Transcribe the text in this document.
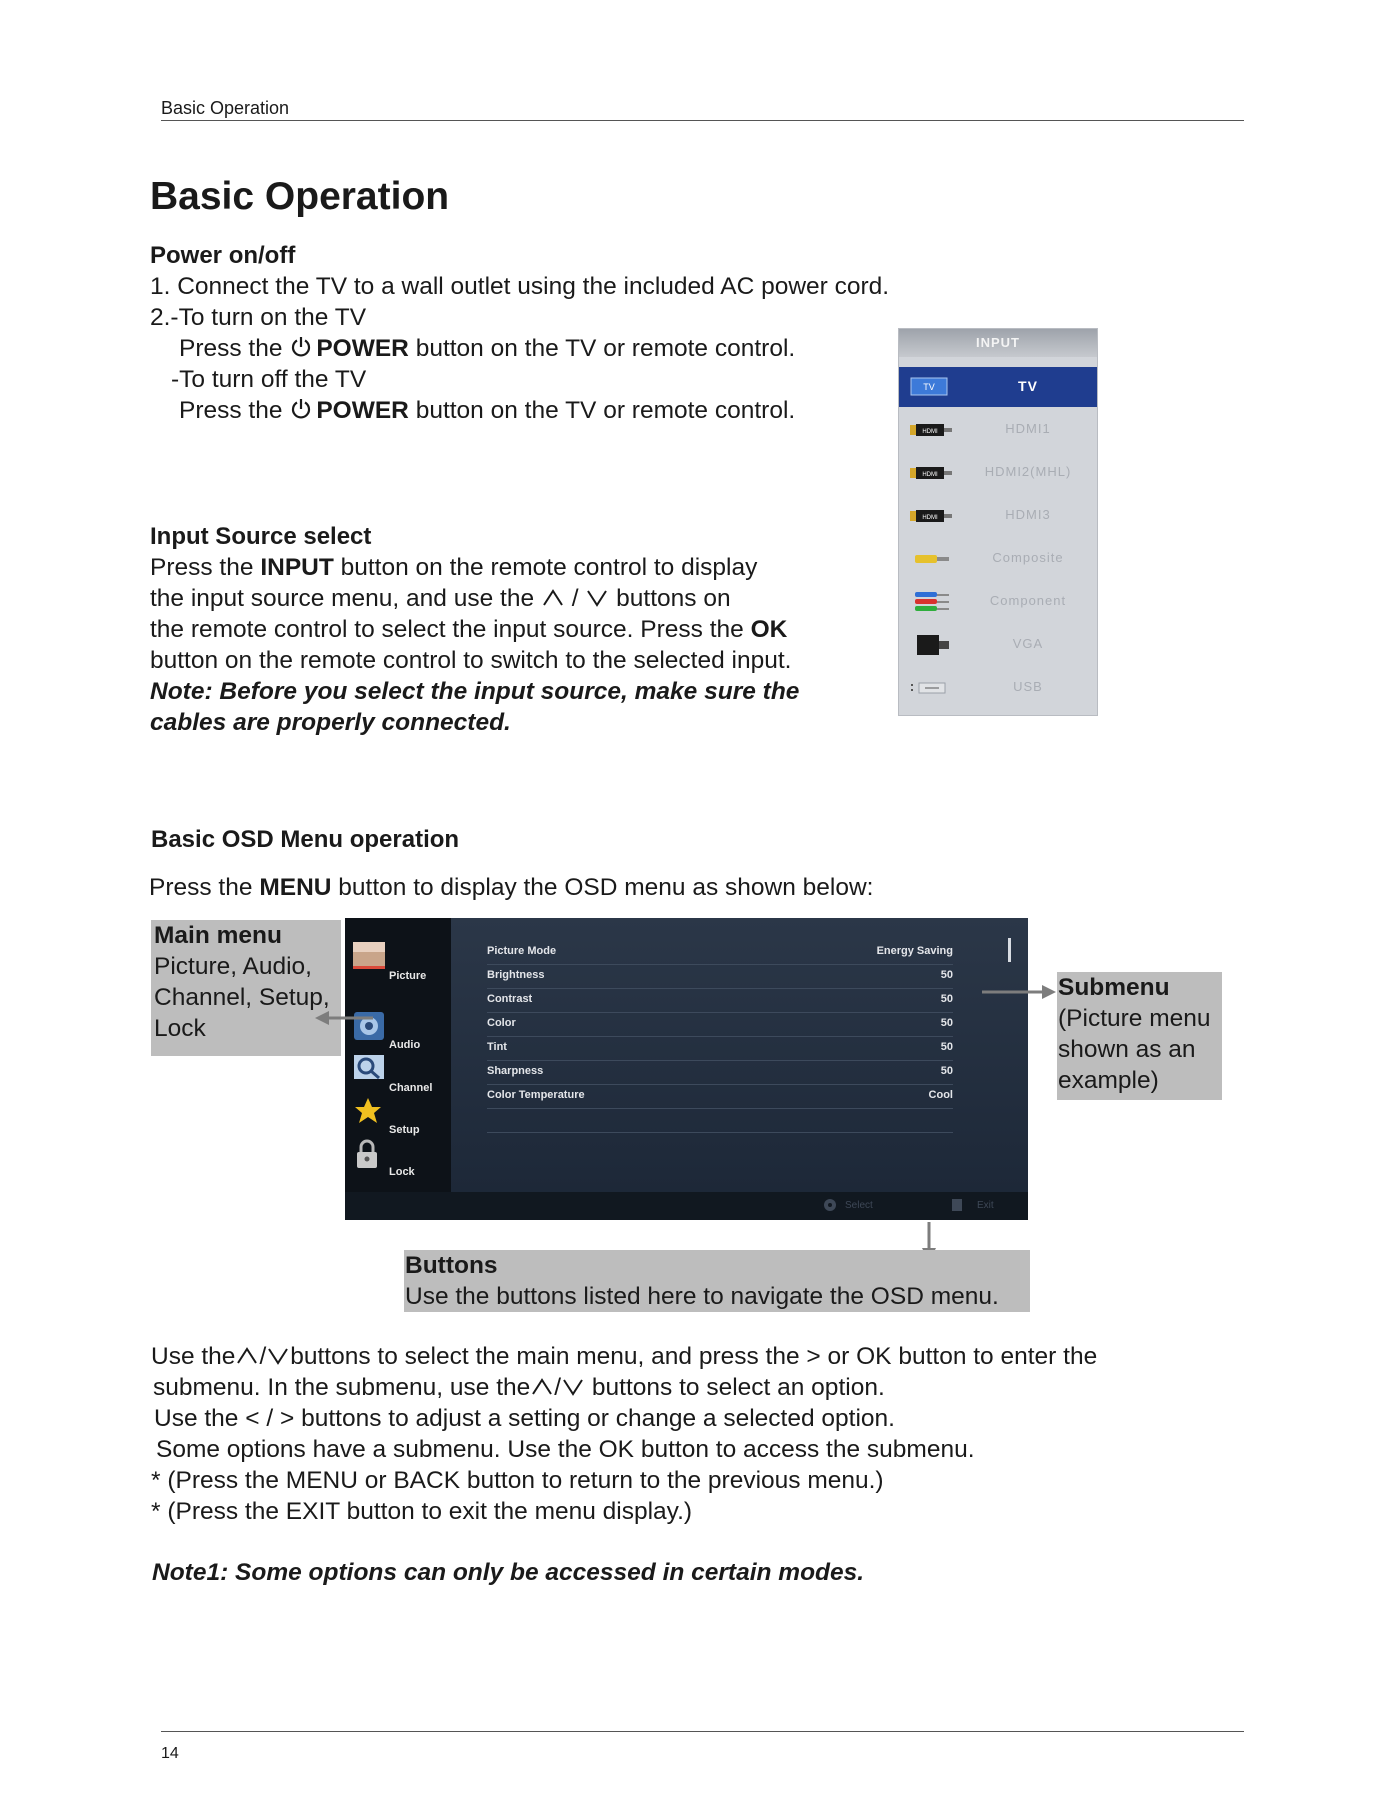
Basic Operation
Basic Operation
Power on/off
1. Connect the TV to a wall outlet using the included AC power cord.
2.-To turn on the TV
Press the POWER button on the TV or remote control.
-To turn off the TV
Press the POWER button on the TV or remote control.
Input Source select
Press the INPUT button on the remote control to display
the input source menu, and use the / buttons on
the remote control to select the input source. Press the OK
button on the remote control to switch to the selected input.
Note: Before you select the input source, make sure the
cables are properly connected.
INPUT
TV	TV
HDMI	HDMI1
HDMI	HDMI2(MHL)
HDMI	HDMI3
Composite
Component
VGA
USB
Basic OSD Menu operation
Press the MENU button to display the OSD menu as shown below:
Main menu
Picture, Audio,
Channel, Setup,
Lock
Picture
Audio
Channel
Setup
Lock
Picture Mode	Energy Saving
Brightness	50
Contrast	50
Color	50
Tint	50
Sharpness	50
Color Temperature	Cool
Select	Exit
Submenu
(Picture menu
shown as an
example)
Buttons
Use the buttons listed here to navigate the OSD menu.
Use the / buttons to select the main menu, and press the > or OK button to enter the
submenu. In the submenu, use the / buttons to select an option.
Use the < / > buttons to adjust a setting or change a selected option.
Some options have a submenu. Use the OK button to access the submenu.
* (Press the MENU or BACK button to return to the previous menu.)
* (Press the EXIT button to exit the menu display.)
Note1: Some options can only be accessed in certain modes.
14
